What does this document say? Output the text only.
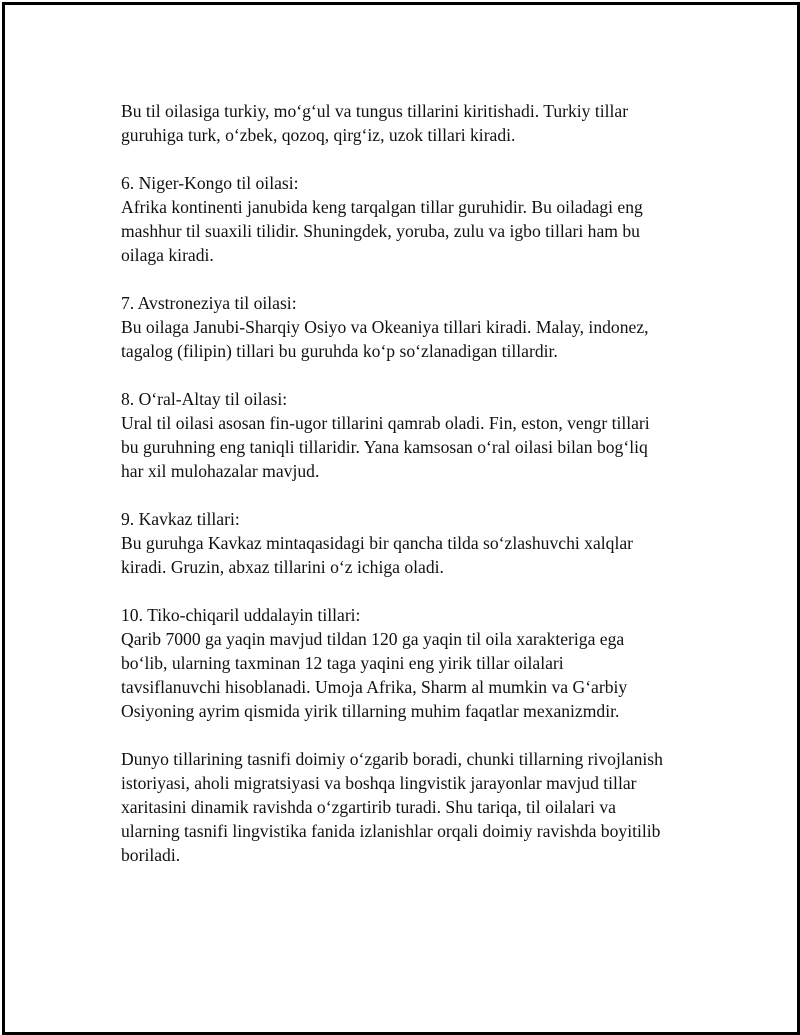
Bu til oilasiga turkiy, mo‘g‘ul va tungus tillarini kiritishadi. Turkiy tillar
guruhiga turk, o‘zbek, qozoq, qirg‘iz, uzok tillari kiradi.

6. Niger-Kongo til oilasi:
Afrika kontinenti janubida keng tarqalgan tillar guruhidir. Bu oiladagi eng
mashhur til suaxili tilidir. Shuningdek, yoruba, zulu va igbo tillari ham bu
oilaga kiradi.

7. Avstroneziya til oilasi:
Bu oilaga Janubi-Sharqiy Osiyo va Okeaniya tillari kiradi. Malay, indonez,
tagalog (filipin) tillari bu guruhda ko‘p so‘zlanadigan tillardir.

8. O‘ral-Altay til oilasi:
Ural til oilasi asosan fin-ugor tillarini qamrab oladi. Fin, eston, vengr tillari
bu guruhning eng taniqli tillaridir. Yana kamsosan o‘ral oilasi bilan bog‘liq
har xil mulohazalar mavjud.

9. Kavkaz tillari:
Bu guruhga Kavkaz mintaqasidagi bir qancha tilda so‘zlashuvchi xalqlar
kiradi. Gruzin, abxaz tillarini o‘z ichiga oladi.

10. Tiko-chiqaril uddalayin tillari:
Qarib 7000 ga yaqin mavjud tildan 120 ga yaqin til oila xarakteriga ega
bo‘lib, ularning taxminan 12 taga yaqini eng yirik tillar oilalari
tavsiflanuvchi hisoblanadi. Umoja Afrika, Sharm al mumkin va G‘arbiy
Osiyoning ayrim qismida yirik tillarning muhim faqatlar mexanizmdir.

Dunyo tillarining tasnifi doimiy o‘zgarib boradi, chunki tillarning rivojlanish
istoriyasi, aholi migratsiyasi va boshqa lingvistik jarayonlar mavjud tillar
xaritasini dinamik ravishda o‘zgartirib turadi. Shu tariqa, til oilalari va
ularning tasnifi lingvistika fanida izlanishlar orqali doimiy ravishda boyitilib
boriladi.
